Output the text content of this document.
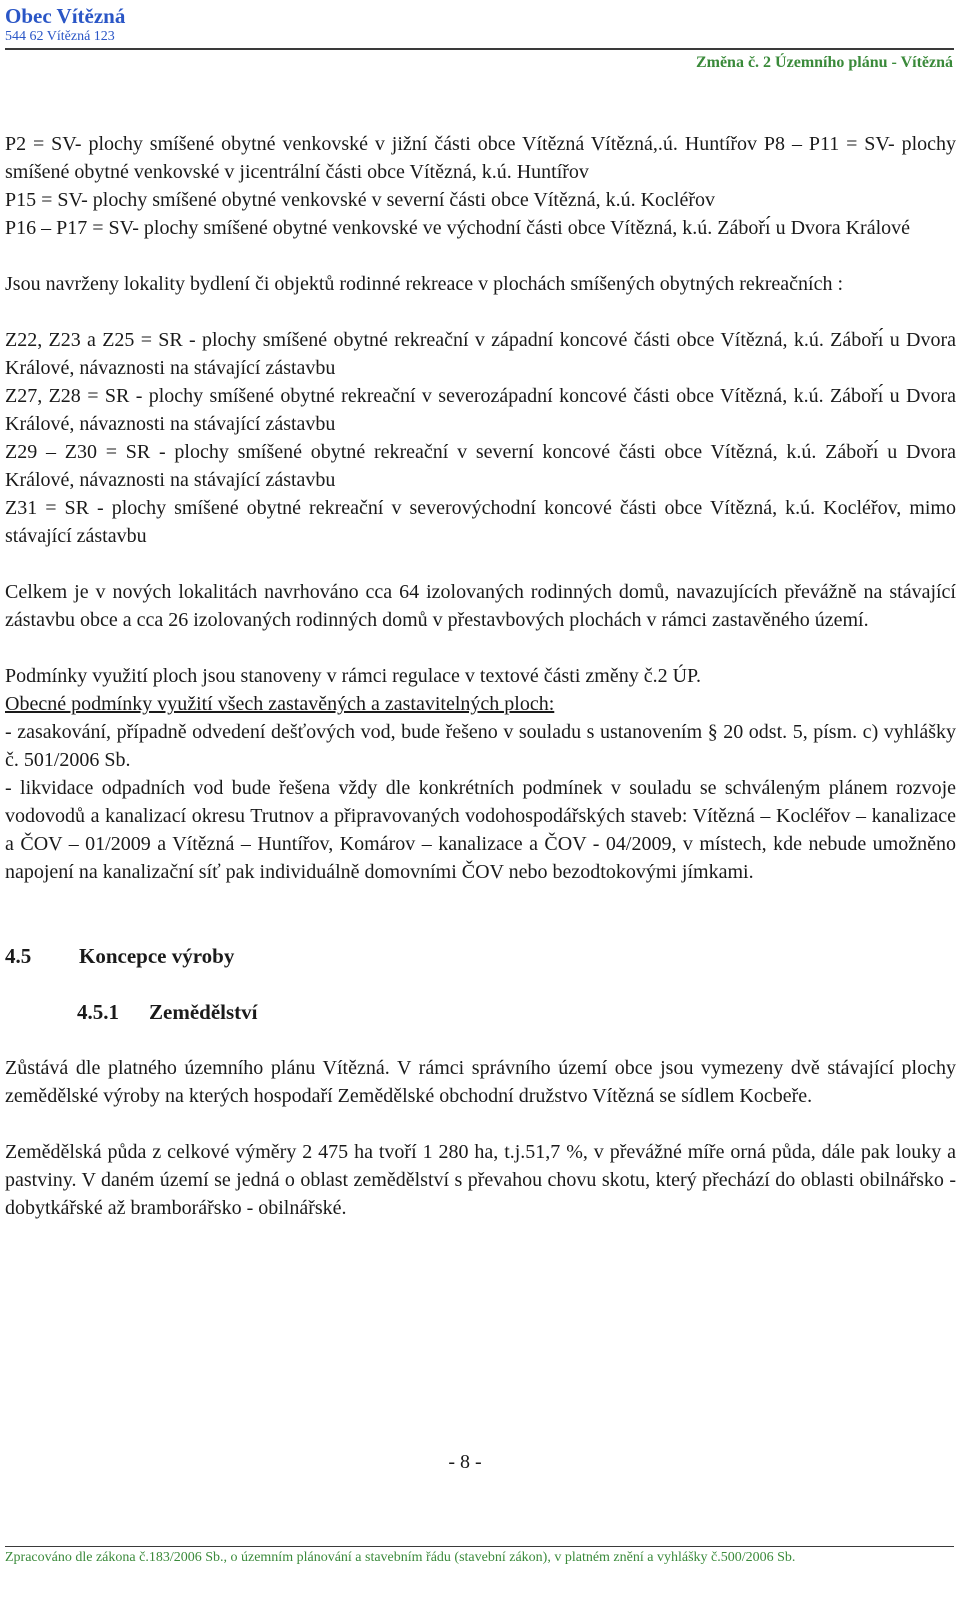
Obec Vítězná
544 62 Vítězná 123
Změna č. 2 Územního plánu - Vítězná

P2 = SV- plochy smíšené obytné venkovské v jižní části obce Vítězná Vítězná,.ú. Huntířov P8 – P11 = SV- plochy smíšené obytné venkovské v jicentrální části obce Vítězná, k.ú. Huntířov

P15 = SV- plochy smíšené obytné venkovské v severní části obce Vítězná, k.ú. Kocléřov

P16 – P17 = SV- plochy smíšené obytné venkovské ve východní části obce Vítězná, k.ú. Zábořı́ u Dvora Králové

Jsou navrženy lokality bydlení či objektů rodinné rekreace v plochách smíšených obytných rekreačních :

Z22, Z23 a Z25 = SR - plochy smíšené obytné rekreační v západní koncové části obce Vítězná, k.ú. Zábořı́ u Dvora Králové, návaznosti na stávající zástavbu

Z27, Z28 = SR - plochy smíšené obytné rekreační v severozápadní koncové části obce Vítězná, k.ú. Zábořı́ u Dvora Králové, návaznosti na stávající zástavbu

Z29 – Z30 = SR - plochy smíšené obytné rekreační v severní koncové části obce Vítězná, k.ú. Zábořı́ u Dvora Králové, návaznosti na stávající zástavbu

Z31 = SR - plochy smíšené obytné rekreační v severovýchodní koncové části obce Vítězná, k.ú. Kocléřov, mimo stávající zástavbu

Celkem je v nových lokalitách navrhováno cca 64 izolovaných rodinných domů, navazujících převážně na stávající zástavbu obce a cca 26 izolovaných rodinných domů v přestavbových plochách v rámci zastavěného území.

Podmínky využití ploch jsou stanoveny v rámci regulace v textové části změny č.2 ÚP.

Obecné podmínky využití všech zastavěných a zastavitelných ploch:

- zasakování, případně odvedení dešťových vod, bude řešeno v souladu s ustanovením § 20 odst. 5, písm. c) vyhlášky č. 501/2006 Sb.

- likvidace odpadních vod bude řešena vždy dle konkrétních podmínek v souladu se schváleným plánem rozvoje vodovodů a kanalizací okresu Trutnov a připravovaných vodohospodářských staveb: Vítězná – Kocléřov – kanalizace a ČOV – 01/2009 a Vítězná – Huntířov, Komárov – kanalizace a ČOV - 04/2009, v místech, kde nebude umožněno napojení na kanalizační síť pak individuálně domovními ČOV nebo bezodtokovými jímkami.

4.5 Koncepce výroby
4.5.1 Zemědělství

Zůstává dle platného územního plánu Vítězná. V rámci správního území obce jsou vymezeny dvě stávající plochy zemědělské výroby na kterých hospodaří Zemědělské obchodní družstvo Vítězná se sídlem Kocbeře.

Zemědělská půda z celkové výměry 2 475 ha tvoří 1 280 ha, t.j.51,7 %, v převážné míře orná půda, dále pak louky a pastviny. V daném území se jedná o oblast zemědělství s převahou chovu skotu, který přechází do oblasti obilnářsko - dobytkářské až bramborářsko - obilnářské.

- 8 -
Zpracováno dle zákona č.183/2006 Sb., o územním plánování a stavebním řádu (stavební zákon), v platném znění a vyhlášky č.500/2006 Sb.
